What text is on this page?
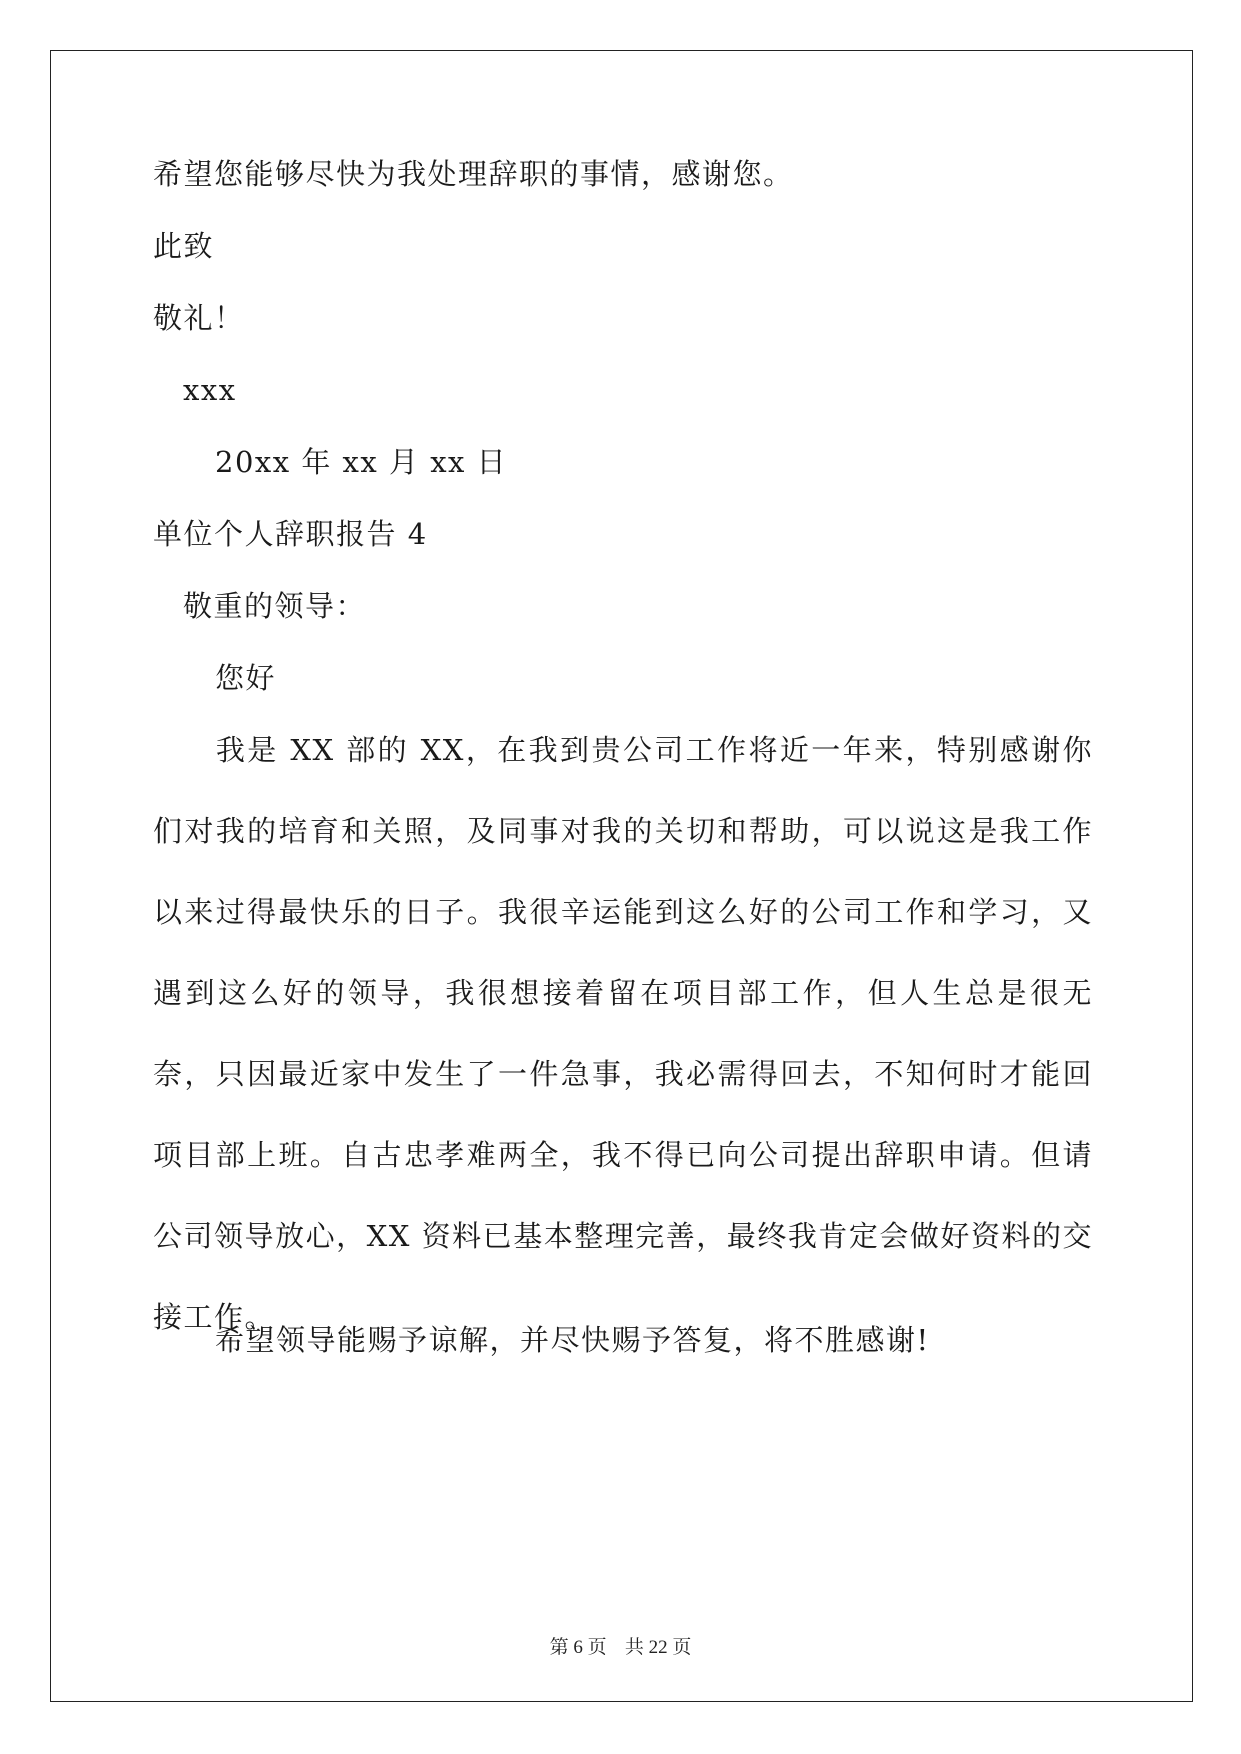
希望您能够尽快为我处理辞职的事情，感谢您。
此致
敬礼！
xxx
20xx 年 xx 月 xx 日
单位个人辞职报告 4
敬重的领导：
您好
我是 XX 部的 XX，在我到贵公司工作将近一年来，特别感谢你们对我的培育和关照，及同事对我的关切和帮助，可以说这是我工作以来过得最快乐的日子。我很辛运能到这么好的公司工作和学习，又遇到这么好的领导，我很想接着留在项目部工作，但人生总是很无奈，只因最近家中发生了一件急事，我必需得回去，不知何时才能回项目部上班。自古忠孝难两全，我不得已向公司提出辞职申请。但请公司领导放心，XX 资料已基本整理完善，最终我肯定会做好资料的交接工作。
希望领导能赐予谅解，并尽快赐予答复，将不胜感谢!
第 6 页 共 22 页
